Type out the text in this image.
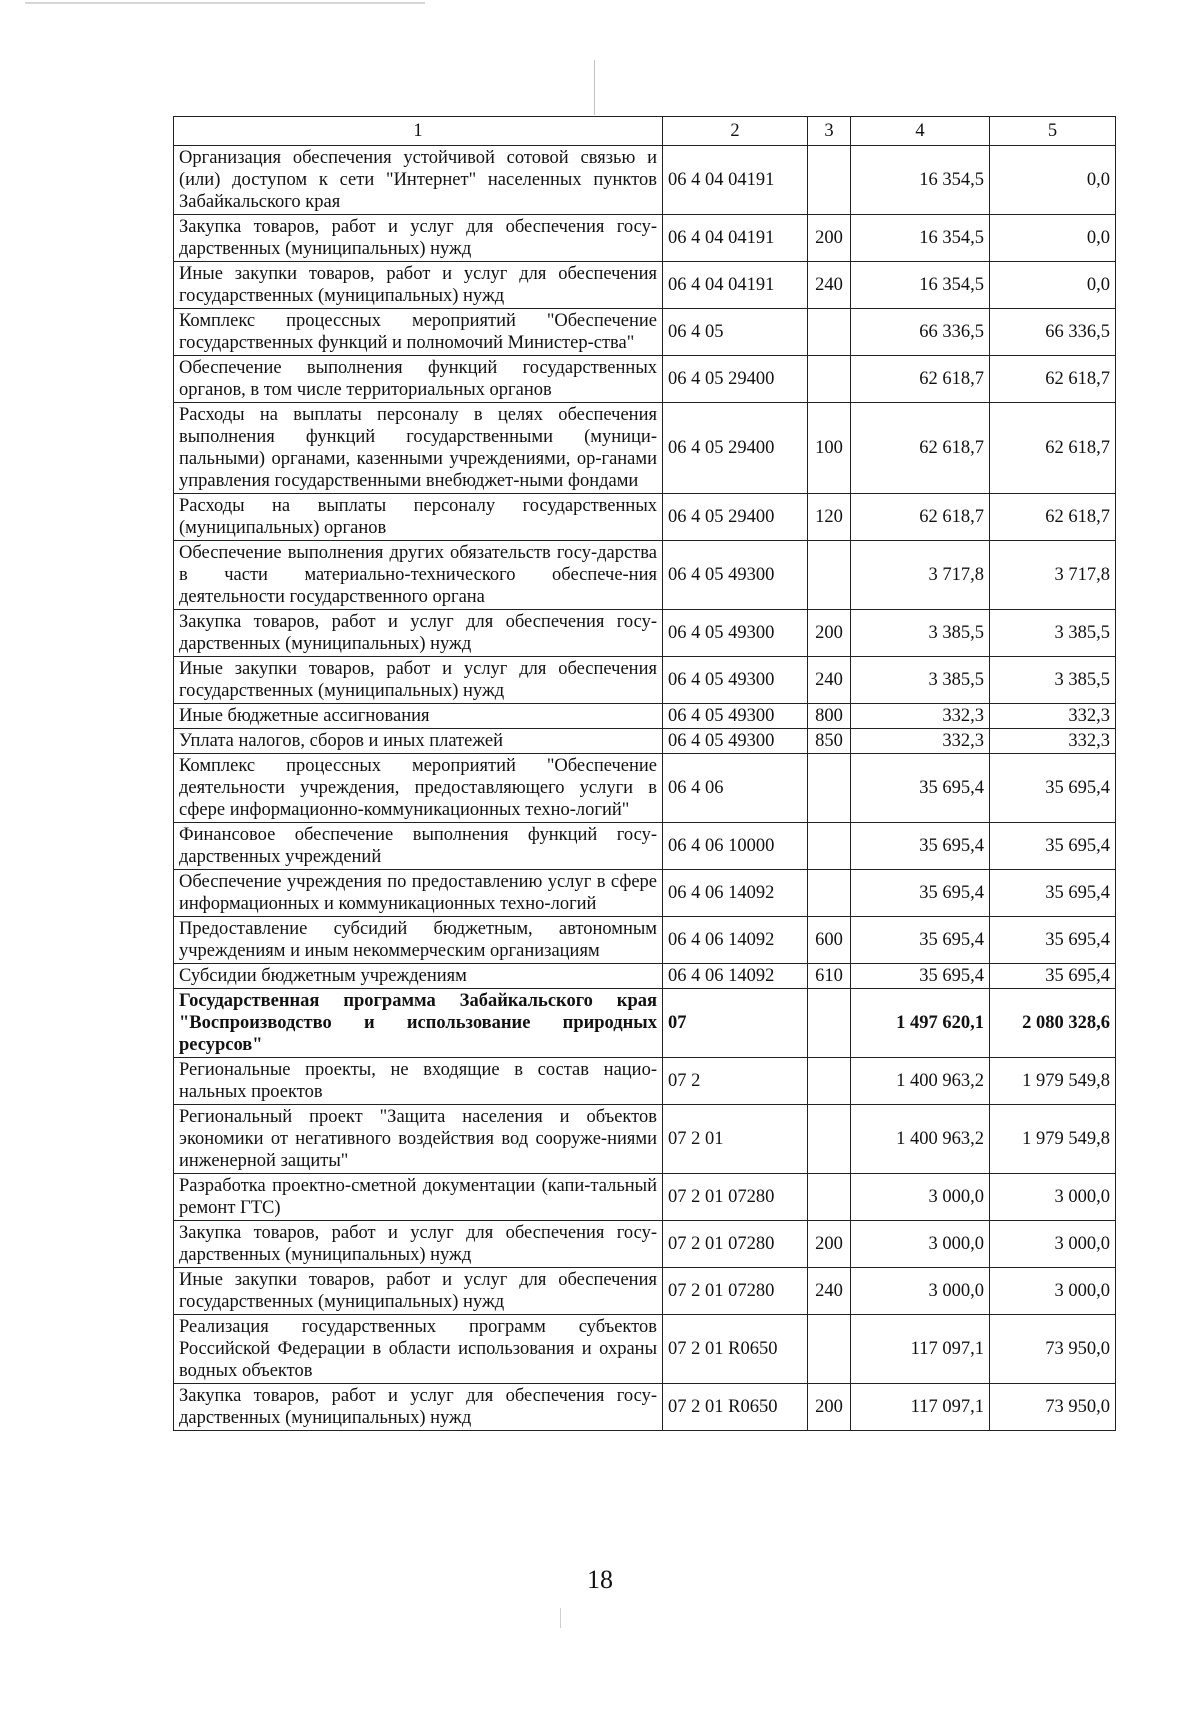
1	2	3	4	5
Организация обеспечения устойчивой сотовой связью и (или) доступом к сети "Интернет" населенных пунктов Забайкальского края	06 4 04 04191		16 354,5	0,0
Закупка товаров, работ и услуг для обеспечения госу-дарственных (муниципальных) нужд	06 4 04 04191	200	16 354,5	0,0
Иные закупки товаров, работ и услуг для обеспечения государственных (муниципальных) нужд	06 4 04 04191	240	16 354,5	0,0
Комплекс процессных мероприятий "Обеспечение государственных функций и полномочий Министер-ства"	06 4 05		66 336,5	66 336,5
Обеспечение выполнения функций государственных органов, в том числе территориальных органов	06 4 05 29400		62 618,7	62 618,7
Расходы на выплаты персоналу в целях обеспечения выполнения функций государственными (муници-пальными) органами, казенными учреждениями, ор-ганами управления государственными внебюджет-ными фондами	06 4 05 29400	100	62 618,7	62 618,7
Расходы на выплаты персоналу государственных (муниципальных) органов	06 4 05 29400	120	62 618,7	62 618,7
Обеспечение выполнения других обязательств госу-дарства в части материально-технического обеспече-ния деятельности государственного органа	06 4 05 49300		3 717,8	3 717,8
Закупка товаров, работ и услуг для обеспечения госу-дарственных (муниципальных) нужд	06 4 05 49300	200	3 385,5	3 385,5
Иные закупки товаров, работ и услуг для обеспечения государственных (муниципальных) нужд	06 4 05 49300	240	3 385,5	3 385,5
Иные бюджетные ассигнования	06 4 05 49300	800	332,3	332,3
Уплата налогов, сборов и иных платежей	06 4 05 49300	850	332,3	332,3
Комплекс процессных мероприятий "Обеспечение деятельности учреждения, предоставляющего услуги в сфере информационно-коммуникационных техно-логий"	06 4 06		35 695,4	35 695,4
Финансовое обеспечение выполнения функций госу-дарственных учреждений	06 4 06 10000		35 695,4	35 695,4
Обеспечение учреждения по предоставлению услуг в сфере информационных и коммуникационных техно-логий	06 4 06 14092		35 695,4	35 695,4
Предоставление субсидий бюджетным, автономным учреждениям и иным некоммерческим организациям	06 4 06 14092	600	35 695,4	35 695,4
Субсидии бюджетным учреждениям	06 4 06 14092	610	35 695,4	35 695,4
Государственная программа Забайкальского края "Воспроизводство и использование природных ресурсов"	07		1 497 620,1	2 080 328,6
Региональные проекты, не входящие в состав нацио-нальных проектов	07 2		1 400 963,2	1 979 549,8
Региональный проект "Защита населения и объектов экономики от негативного воздействия вод сооруже-ниями инженерной защиты"	07 2 01		1 400 963,2	1 979 549,8
Разработка проектно-сметной документации (капи-тальный ремонт ГТС)	07 2 01 07280		3 000,0	3 000,0
Закупка товаров, работ и услуг для обеспечения госу-дарственных (муниципальных) нужд	07 2 01 07280	200	3 000,0	3 000,0
Иные закупки товаров, работ и услуг для обеспечения государственных (муниципальных) нужд	07 2 01 07280	240	3 000,0	3 000,0
Реализация государственных программ субъектов Российской Федерации в области использования и охраны водных объектов	07 2 01 R0650		117 097,1	73 950,0
Закупка товаров, работ и услуг для обеспечения госу-дарственных (муниципальных) нужд	07 2 01 R0650	200	117 097,1	73 950,0
18
